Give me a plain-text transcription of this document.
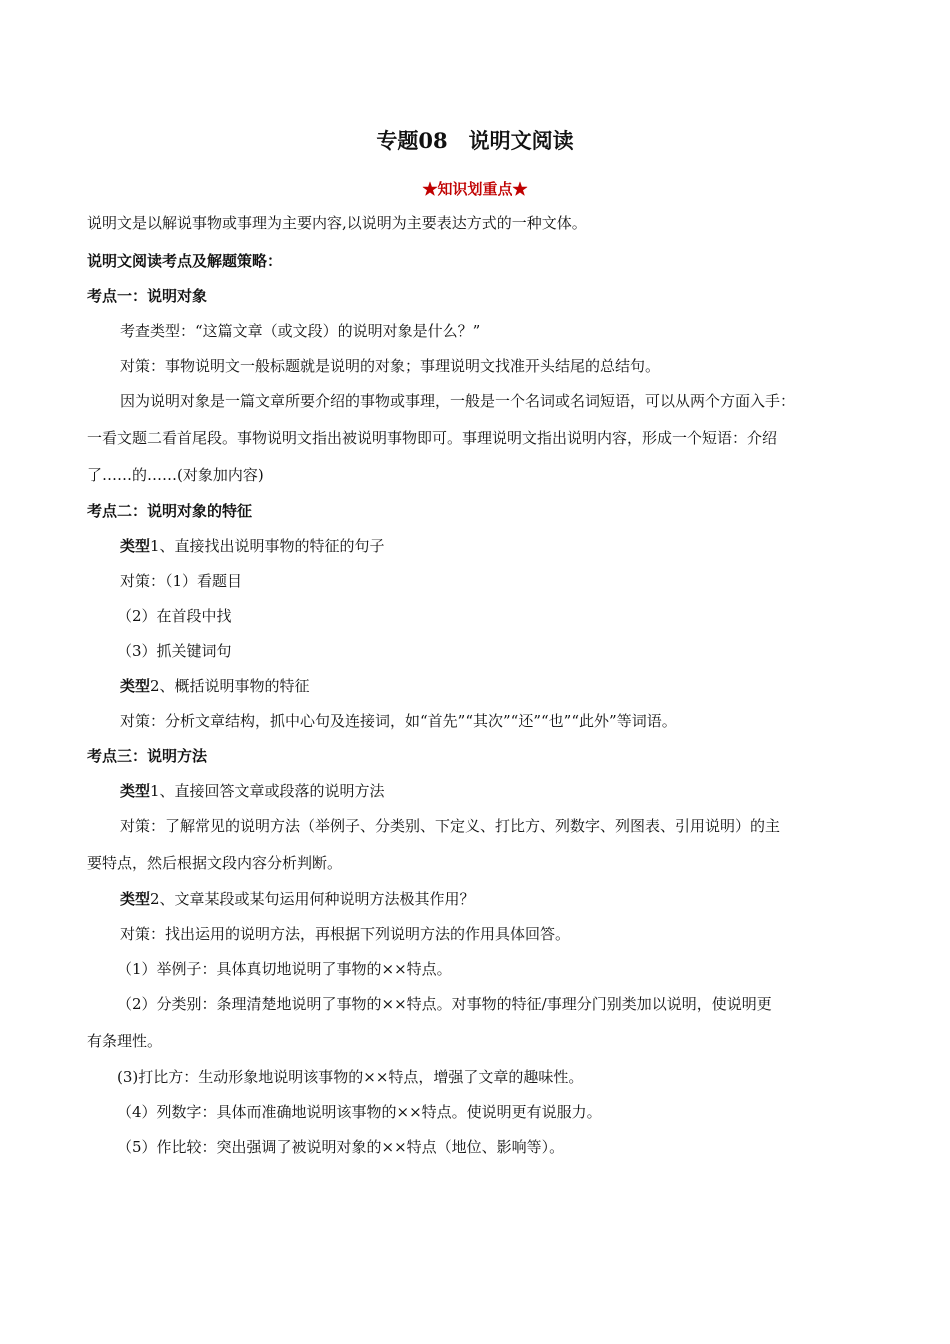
专题08　说明文阅读
★知识划重点★
说明文是以解说事物或事理为主要内容,以说明为主要表达方式的一种文体。
说明文阅读考点及解题策略：
考点一：说明对象
考查类型：“这篇文章（或文段）的说明对象是什么？”
对策：事物说明文一般标题就是说明的对象；事理说明文找准开头结尾的总结句。
因为说明对象是一篇文章所要介绍的事物或事理，一般是一个名词或名词短语，可以从两个方面入手：
一看文题二看首尾段。事物说明文指出被说明事物即可。事理说明文指出说明内容，形成一个短语：介绍
了……的……(对象加内容)
考点二：说明对象的特征
类型1、直接找出说明事物的特征的句子
对策：（1）看题目
（2）在首段中找
（3）抓关键词句
类型2、概括说明事物的特征
对策：分析文章结构，抓中心句及连接词，如“首先”“其次”“还”“也”“此外”等词语。
考点三：说明方法
类型1、直接回答文章或段落的说明方法
对策：了解常见的说明方法（举例子、分类别、下定义、打比方、列数字、列图表、引用说明）的主
要特点，然后根据文段内容分析判断。
类型2、文章某段或某句运用何种说明方法极其作用？
对策：找出运用的说明方法，再根据下列说明方法的作用具体回答。
（1）举例子：具体真切地说明了事物的××特点。
（2）分类别：条理清楚地说明了事物的××特点。对事物的特征/事理分门别类加以说明，使说明更
有条理性。
(3)打比方：生动形象地说明该事物的××特点，增强了文章的趣味性。
（4）列数字：具体而准确地说明该事物的××特点。使说明更有说服力。
（5）作比较：突出强调了被说明对象的××特点（地位、影响等）。
